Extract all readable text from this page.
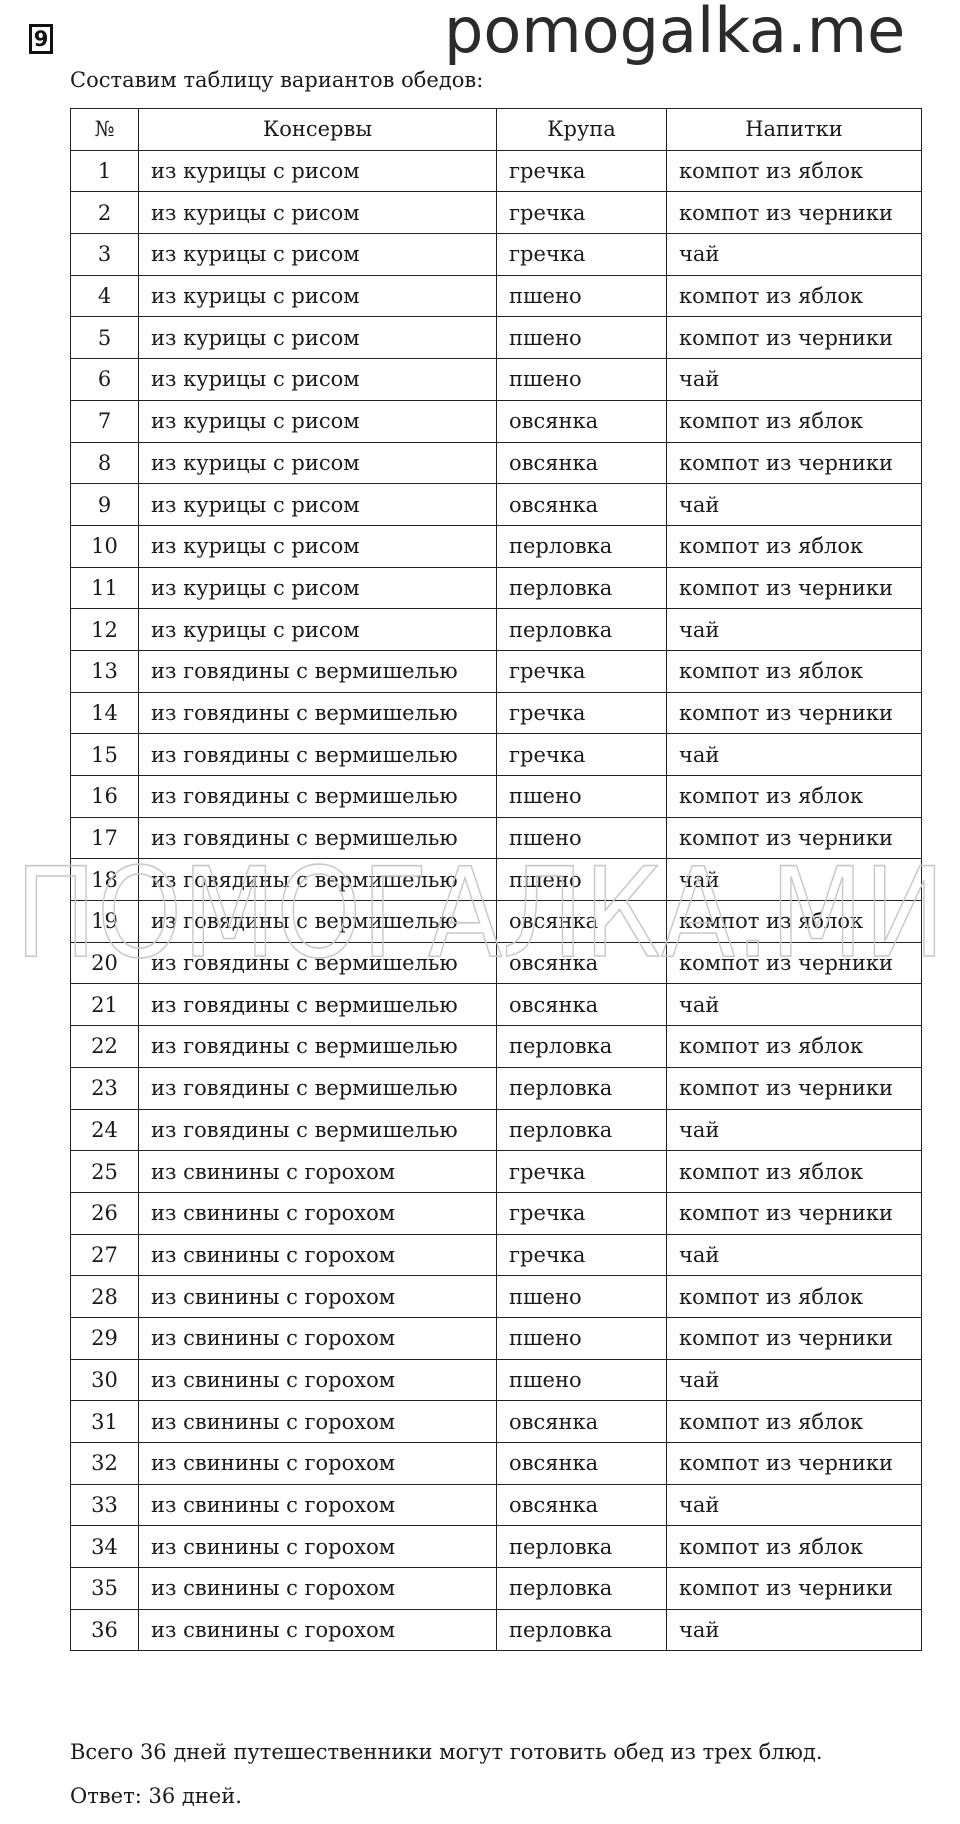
9	pomogalka.me
Составим таблицу вариантов обедов:
№	Консервы	Крупа	Напитки
1	из курицы с рисом	гречка	компот из яблок
2	из курицы с рисом	гречка	компот из черники
3	из курицы с рисом	гречка	чай
4	из курицы с рисом	пшено	компот из яблок
5	из курицы с рисом	пшено	компот из черники
6	из курицы с рисом	пшено	чай
7	из курицы с рисом	овсянка	компот из яблок
8	из курицы с рисом	овсянка	компот из черники
9	из курицы с рисом	овсянка	чай
10	из курицы с рисом	перловка	компот из яблок
11	из курицы с рисом	перловка	компот из черники
12	из курицы с рисом	перловка	чай
13	из говядины с вермишелью	гречка	компот из яблок
14	из говядины с вермишелью	гречка	компот из черники
15	из говядины с вермишелью	гречка	чай
16	из говядины с вермишелью	пшено	компот из яблок
17	из говядины с вермишелью	пшено	компот из черники
18	из говядины с вермишелью	пшено	чай
19	из говядины с вермишелью	овсянка	компот из яблок
20	из говядины с вермишелью	овсянка	компот из черники
21	из говядины с вермишелью	овсянка	чай
22	из говядины с вермишелью	перловка	компот из яблок
23	из говядины с вермишелью	перловка	компот из черники
24	из говядины с вермишелью	перловка	чай
25	из свинины с горохом	гречка	компот из яблок
26	из свинины с горохом	гречка	компот из черники
27	из свинины с горохом	гречка	чай
28	из свинины с горохом	пшено	компот из яблок
29	из свинины с горохом	пшено	компот из черники
30	из свинины с горохом	пшено	чай
31	из свинины с горохом	овсянка	компот из яблок
32	из свинины с горохом	овсянка	компот из черники
33	из свинины с горохом	овсянка	чай
34	из свинины с горохом	перловка	компот из яблок
35	из свинины с горохом	перловка	компот из черники
36	из свинины с горохом	перловка	чай
ПОМОГАЛКА.МИ
Всего 36 дней путешественники могут готовить обед из трех блюд.
Ответ: 36 дней.
